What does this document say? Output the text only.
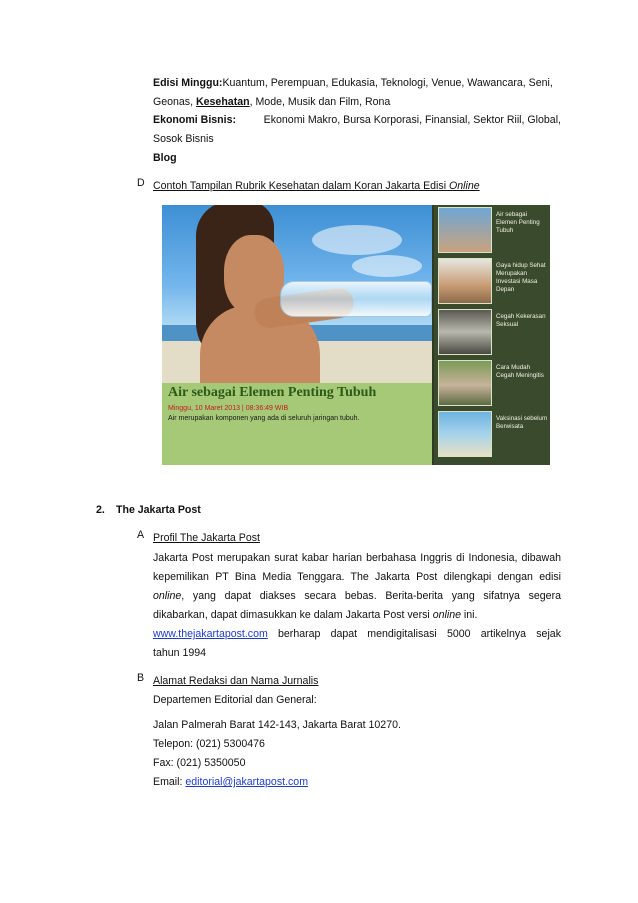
Edisi Minggu:Kuantum, Perempuan, Edukasia, Teknologi, Venue, Wawancara, Seni,
Geonas, Kesehatan, Mode, Musik dan Film, Rona
Ekonomi Bisnis:	Ekonomi Makro, Bursa Korporasi, Finansial, Sektor Riil, Global,
Sosok Bisnis
Blog
D Contoh Tampilan Rubrik Kesehatan dalam Koran Jakarta Edisi Online
Air sebagai Elemen Penting Tubuh
Minggu, 10 Maret 2013 | 08:36:49 WIB
Air merupakan komponen yang ada di seluruh jaringan tubuh.
Air sebagai Elemen Penting Tubuh
Gaya hidup Sehat Merupakan Investasi Masa Depan
Cegah Kekerasan Seksual
Cara Mudah Cegah Meningitis
Vaksinasi sebelum Berwisata
2. The Jakarta Post
A Profil The Jakarta Post
Jakarta Post merupakan surat kabar harian berbahasa Inggris di Indonesia, dibawah
kepemilikan PT Bina Media Tenggara. The Jakarta Post dilengkapi dengan edisi
online, yang dapat diakses secara bebas. Berita-berita yang sifatnya segera
dikabarkan, dapat dimasukkan ke dalam Jakarta Post versi online ini.
www.thejakartapost.com berharap dapat mendigitalisasi 5000 artikelnya sejak
tahun 1994
B Alamat Redaksi dan Nama Jurnalis
Departemen Editorial dan General:
Jalan Palmerah Barat 142-143, Jakarta Barat 10270.
Telepon: (021) 5300476
Fax: (021) 5350050
Email: editorial@jakartapost.com
